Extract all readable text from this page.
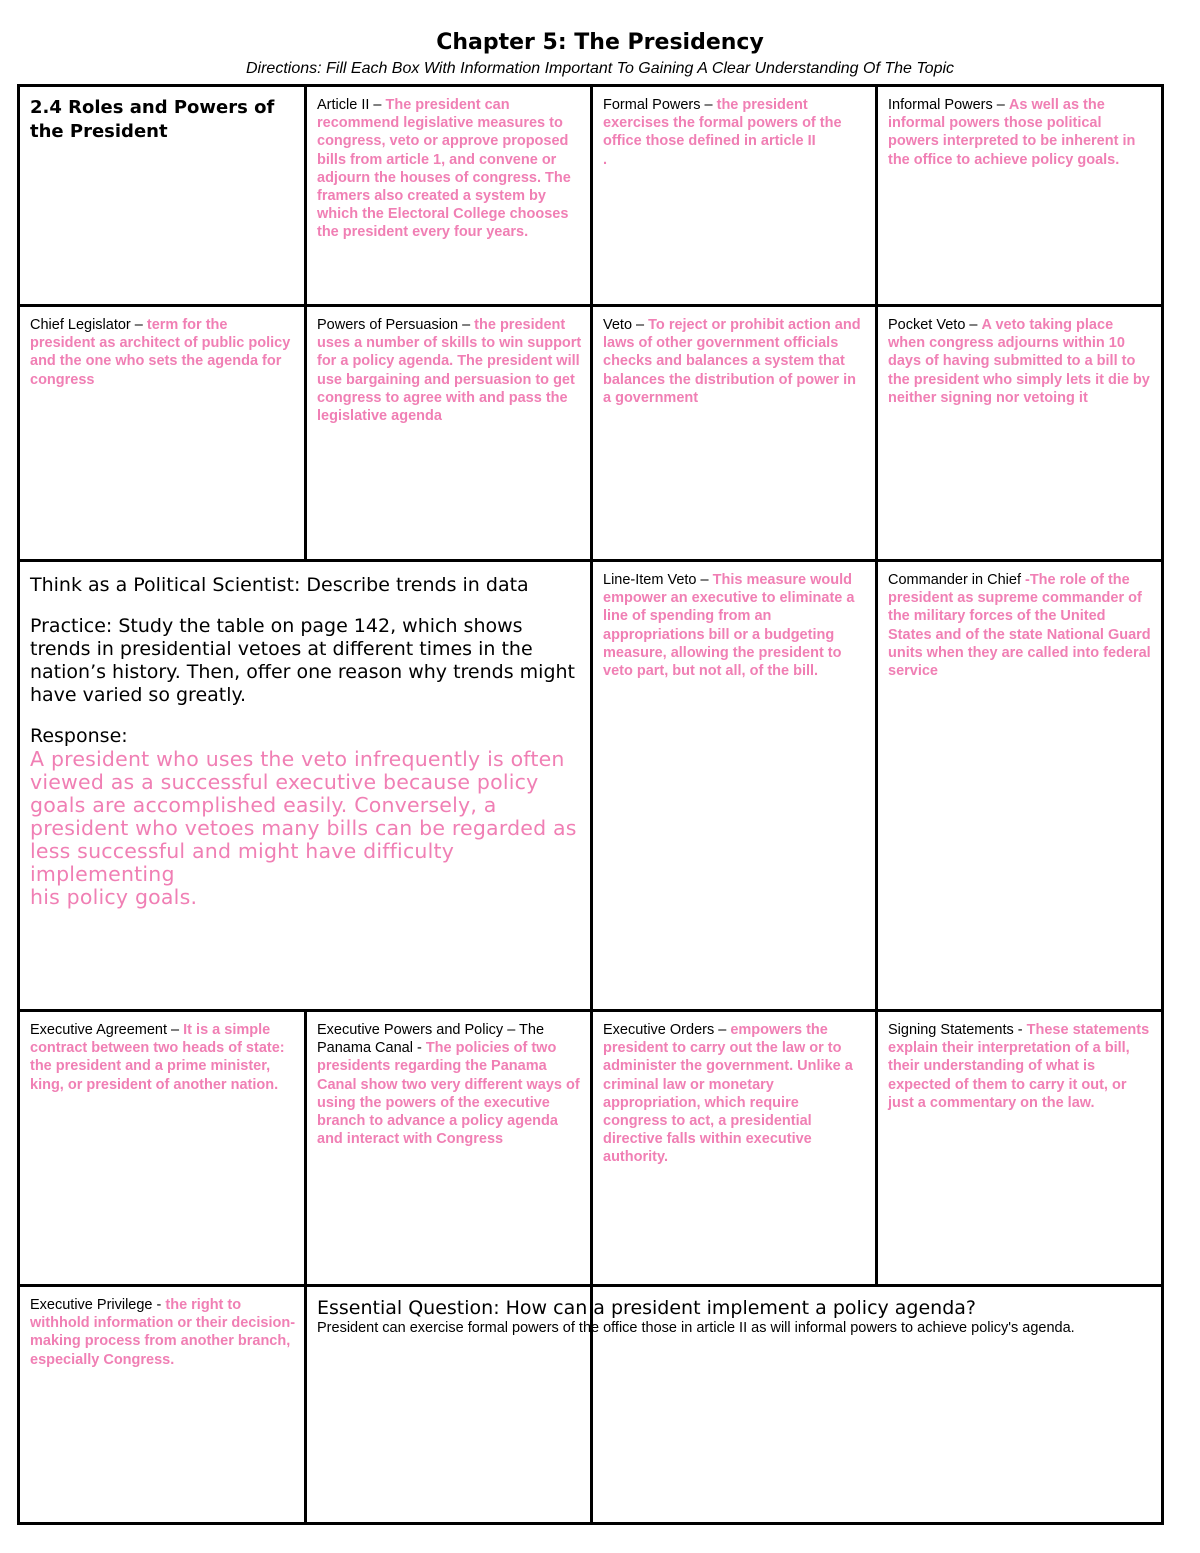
Chapter 5: The Presidency
Directions: Fill Each Box With Information Important To Gaining A Clear Understanding Of The Topic
2.4 Roles and Powers of the President
Article II – The president can recommend legislative measures to congress, veto or approve proposed bills from article 1, and convene or adjourn the houses of congress. The framers also created a system by which the Electoral College chooses the president every four years.
Formal Powers – the president exercises the formal powers of the office those defined in article II
.
Informal Powers – As well as the informal powers those political powers interpreted to be inherent in the office to achieve policy goals.
Chief Legislator – term for the president as architect of public policy and the one who sets the agenda for congress
Powers of Persuasion – the president uses a number of skills to win support for a policy agenda. The president will use bargaining and persuasion to get congress to agree with and pass the legislative agenda
Veto – To reject or prohibit action and laws of other government officials checks and balances a system that balances the distribution of power in a government
Pocket Veto – A veto taking place when congress adjourns within 10 days of having submitted to a bill to the president who simply lets it die by neither signing nor vetoing it

Think as a Political Scientist: Describe trends in data

Practice: Study the table on page 142, which shows trends in presidential vetoes at different times in the nation’s history. Then, offer one reason why trends might have varied so greatly.

Response:
A president who uses the veto infrequently is often viewed as a successful executive because policy goals are accomplished easily. Conversely, a president who vetoes many bills can be regarded as less successful and might have difficulty implementing
his policy goals.
Line-Item Veto – This measure would empower an executive to eliminate a line of spending from an appropriations bill or a budgeting measure, allowing the president to veto part, but not all, of the bill.
Commander in Chief -The role of the president as supreme commander of the military forces of the United States and of the state National Guard units when they are called into federal service
Executive Agreement – It is a simple contract between two heads of state: the president and a prime minister, king, or president of another nation.
Executive Powers and Policy – The Panama Canal - The policies of two presidents regarding the Panama Canal show two very different ways of using the powers of the executive branch to advance a policy agenda and interact with Congress
Executive Orders – empowers the president to carry out the law or to administer the government. Unlike a criminal law or monetary appropriation, which require congress to act, a presidential directive falls within executive authority.
Signing Statements - These statements explain their interpretation of a bill, their understanding of what is expected of them to carry it out, or just a commentary on the law.
Executive Privilege - the right to withhold information or their decision-making process from another branch, especially Congress.
Essential Question: How can a president implement a policy agenda?
President can exercise formal powers of the office those in article II as will informal powers to achieve policy's agenda.
